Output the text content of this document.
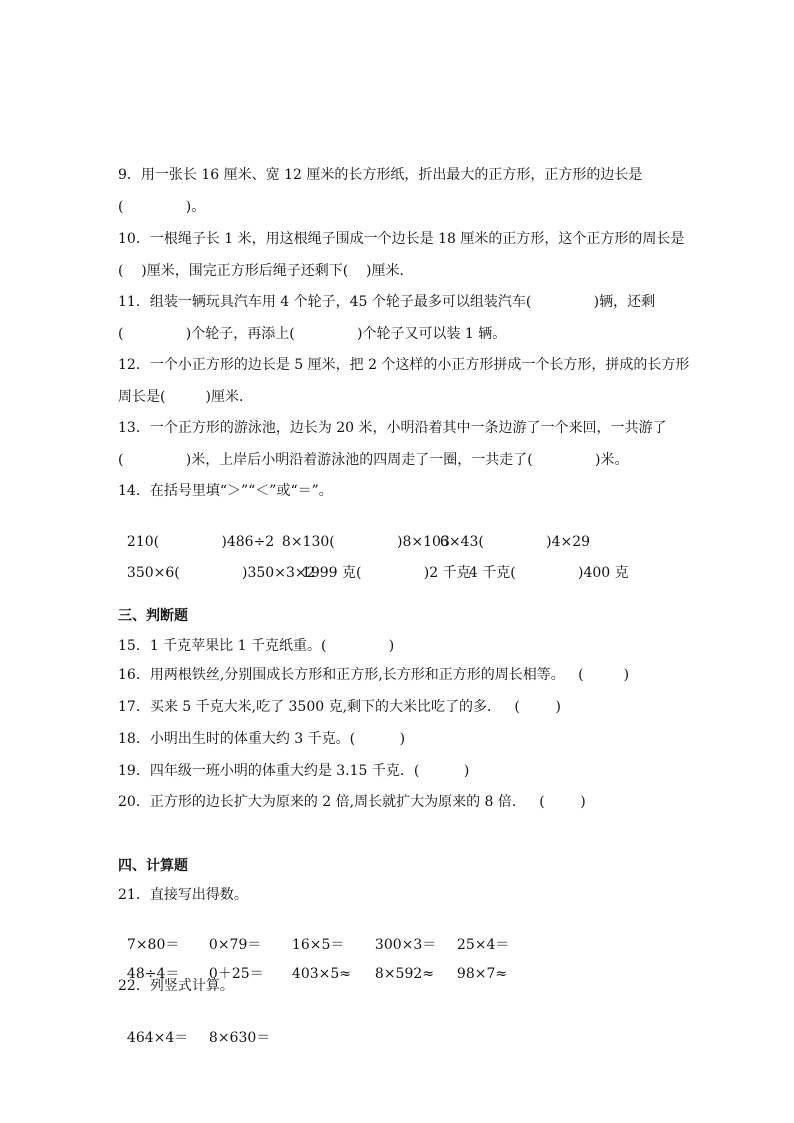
9．用一张长 16 厘米、宽 12 厘米的长方形纸，折出最大的正方形，正方形的边长是
(              )。
10．一根绳子长 1 米，用这根绳子围成一个边长是 18 厘米的正方形，这个正方形的周长是
(    )厘米，围完正方形后绳子还剩下(    )厘米．
11．组装一辆玩具汽车用 4 个轮子，45 个轮子最多可以组装汽车(              )辆，还剩
(              )个轮子，再添上(              )个轮子又可以装 1 辆。
12．一个小正方形的边长是 5 厘米，把 2 个这样的小正方形拼成一个长方形，拼成的长方形
周长是(         )厘米．
13．一个正方形的游泳池，边长为 20 米，小明沿着其中一条边游了一个来回，一共游了
(              )米，上岸后小明沿着游泳池的四周走了一圈，一共走了(              )米。
14．在括号里填“＞”“＜”或“＝”。

210(              )486÷2 8×130(              )8×1036×43(              )4×29

350×6(              )350×3×21999 克(              )2 千克4 千克(              )400 克

三、判断题
15．1 千克苹果比 1 千克纸重。(              )
16．用两根铁丝,分别围成长方形和正方形,长方形和正方形的周长相等。   (         )
17．买来 5 千克大米,吃了 3500 克,剩下的大米比吃了的多．   (        )
18．小明出生时的体重大约 3 千克。(          )
19．四年级一班小明的体重大约是 3.15 千克．(          )
20．正方形的边长扩大为原来的 2 倍,周长就扩大为原来的 8 倍．   (        )
四、计算题
21．直接写出得数。

7×80＝ 0×79＝ 16×5＝ 300×3＝ 25×4＝

48÷4＝ 0＋25＝ 403×5≈ 8×592≈ 98×7≈

22．列竖式计算。

464×4＝ 8×630＝
